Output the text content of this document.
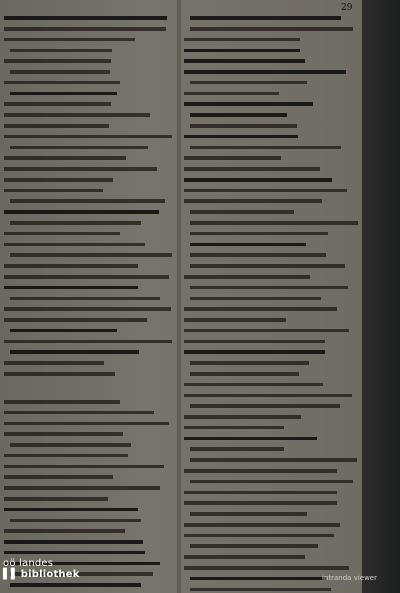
29
oö landes
▌▌ bibliothek	intranda viewer
